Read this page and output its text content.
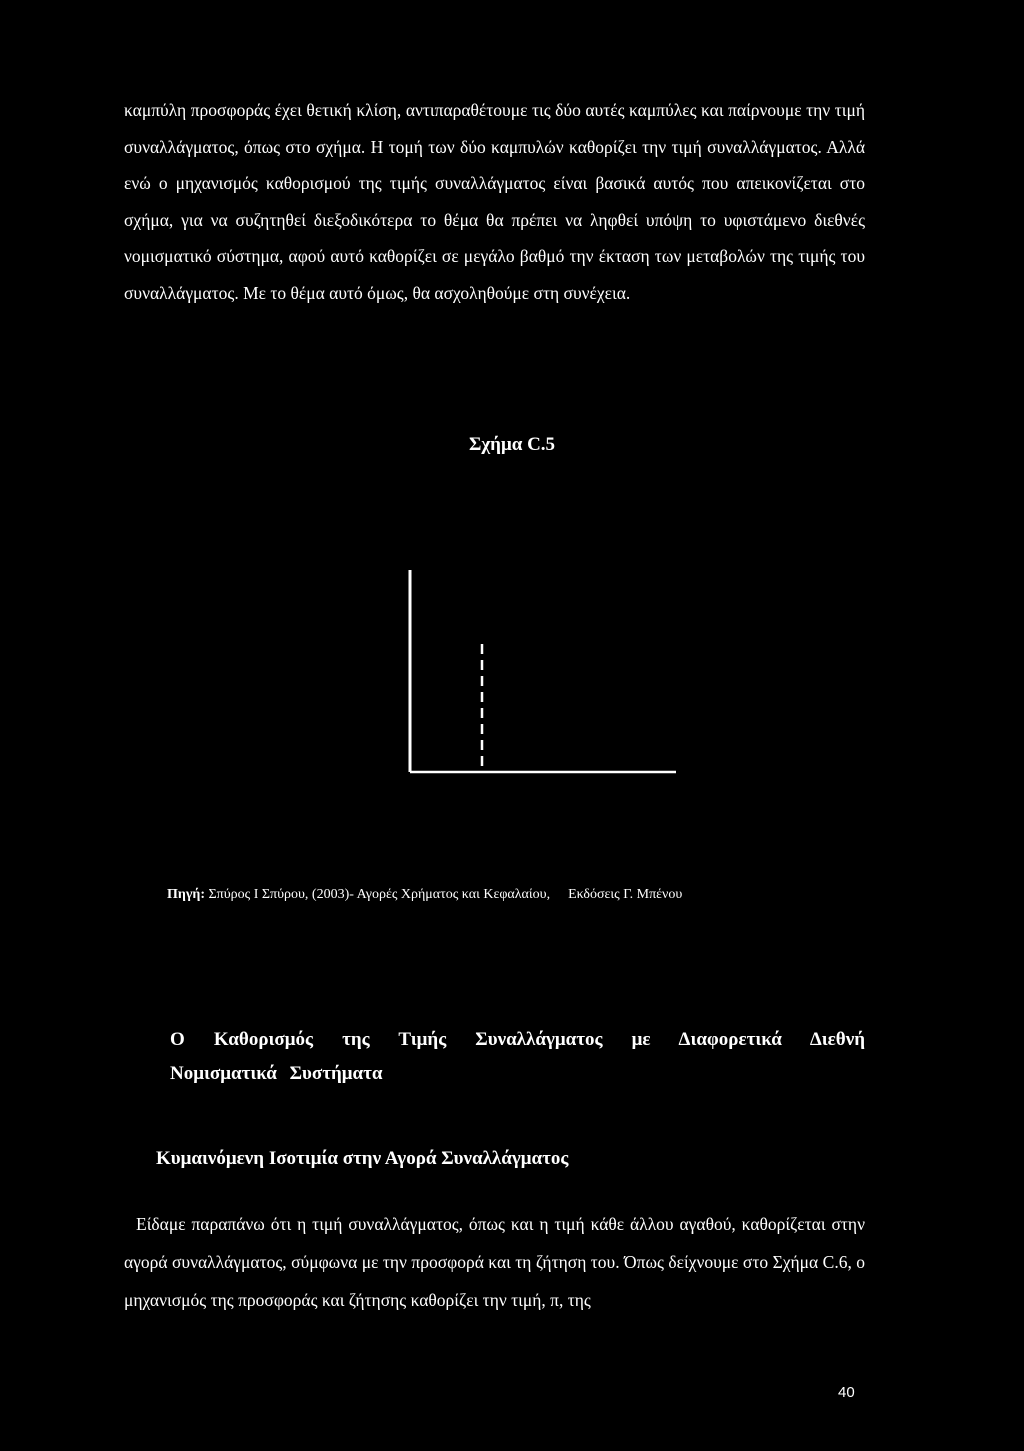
καμπύλη προσφοράς έχει θετική κλίση, αντιπαραθέτουμε τις δύο αυτές καμπύλες και παίρνουμε την τιμή συναλλάγματος, όπως στο σχήμα. Η τομή των δύο καμπυλών καθορίζει την τιμή συναλλάγματος. Αλλά ενώ ο μηχανισμός καθορισμού της τιμής συναλλάγματος είναι βασικά αυτός που απεικονίζεται στο σχήμα, για να συζητηθεί διεξοδικότερα το θέμα θα πρέπει να ληφθεί υπόψη το υφιστάμενο διεθνές νομισματικό σύστημα, αφού αυτό καθορίζει σε μεγάλο βαθμό την έκταση των μεταβολών της τιμής του συναλλάγματος. Με το θέμα αυτό όμως, θα ασχοληθούμε στη συνέχεια.

Σχήμα C.5

Πηγή: Σπύρος Ι Σπύρου, (2003)- Αγορές Χρήματος και Κεφαλαίου, Εκδόσεις Γ. Μπένου

Ο Καθορισμός της Τιμής Συναλλάγματος με Διαφορετικά Διεθνή Νομισματικά Συστήματα

Κυμαινόμενη Ισοτιμία στην Αγορά Συναλλάγματος

Είδαμε παραπάνω ότι η τιμή συναλλάγματος, όπως και η τιμή κάθε άλλου αγαθού, καθορίζεται στην αγορά συναλλάγματος, σύμφωνα με την προσφορά και τη ζήτηση του. Όπως δείχνουμε στο Σχήμα C.6, ο μηχανισμός της προσφοράς και ζήτησης καθορίζει την τιμή, π, της

40
